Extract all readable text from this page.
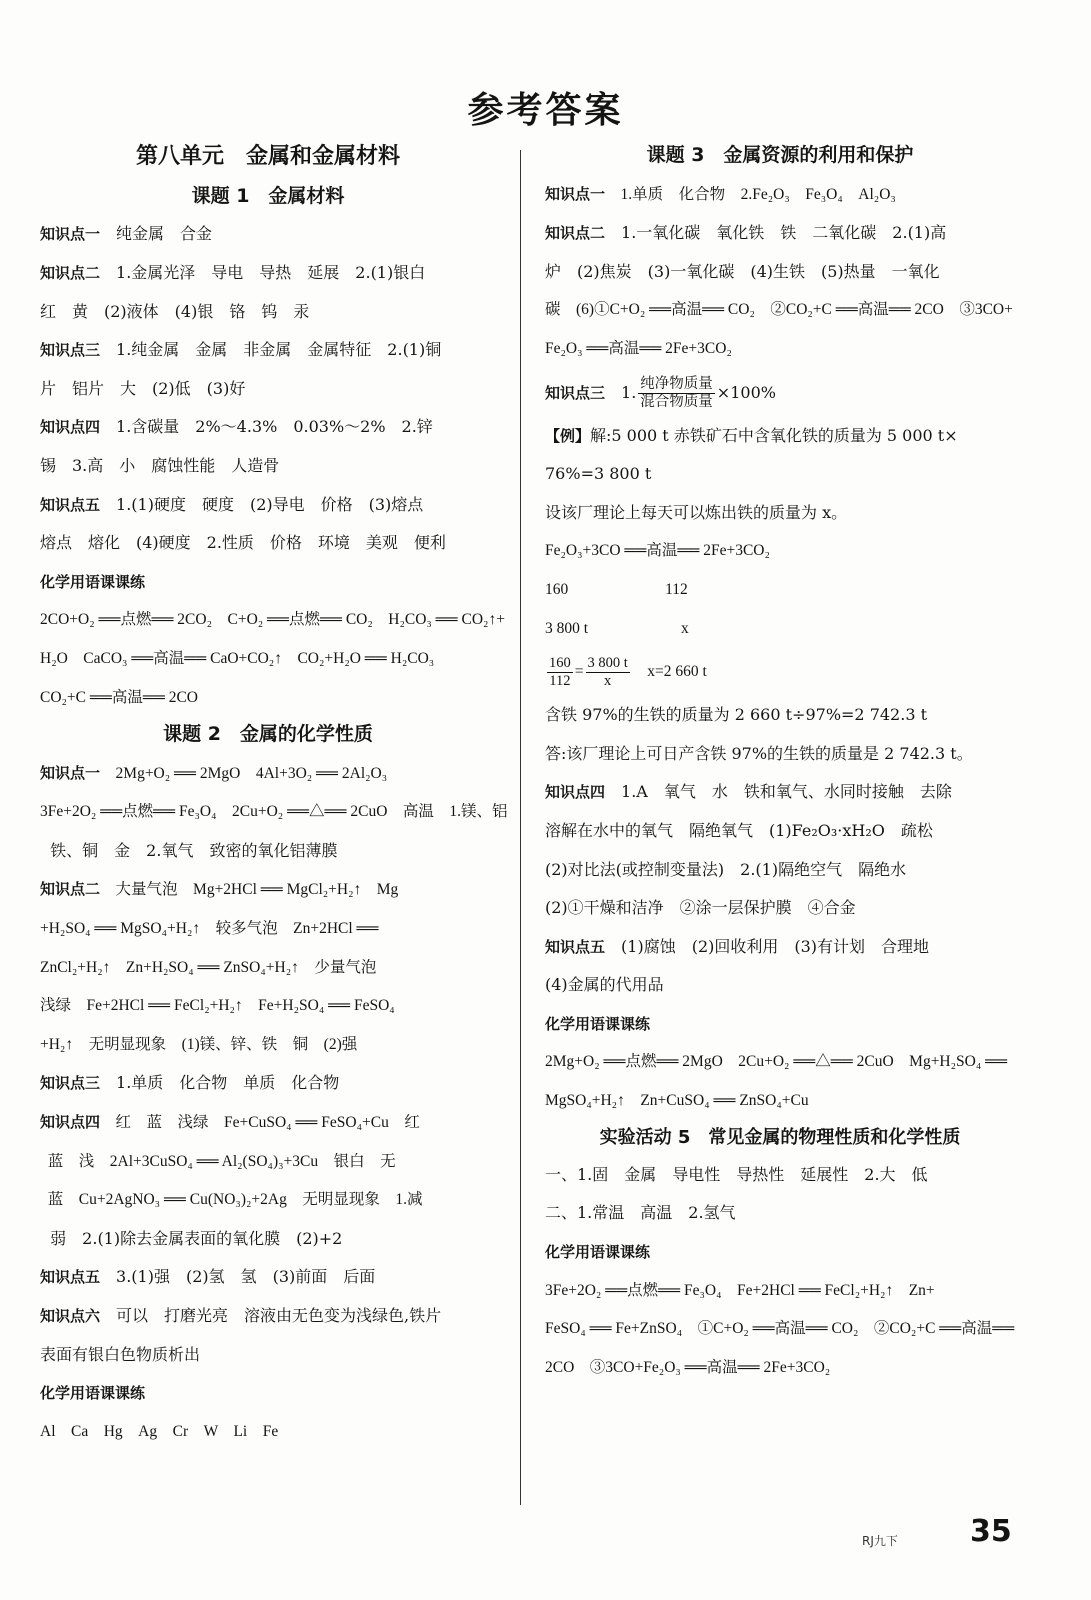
参考答案
第八单元　金属和金属材料
课题 1　金属材料
知识点一　 纯金属　合金
知识点二　 1.金属光泽　导电　导热　延展　2.(1)银白
红　黄　(2)液体　(4)银　铬　钨　汞
知识点三　 1.纯金属　金属　非金属　金属特征　2.(1)铜
片　铝片　大　(2)低　(3)好
知识点四　 1.含碳量　2%～4.3%　0.03%～2%　2.锌
锡　3.高　小　腐蚀性能　人造骨
知识点五　 1.(1)硬度　硬度　(2)导电　价格　(3)熔点
熔点　熔化　(4)硬度　2.性质　价格　环境　美观　便利
化学用语课课练
2CO+O₂ ══点燃══ 2CO₂　C+O₂ ══点燃══ CO₂　H₂CO₃ ══ CO₂↑+
H₂O　CaCO₃ ══高温══ CaO+CO₂↑　CO₂+H₂O ══ H₂CO₃
CO₂+C ══高温══ 2CO
课题 2　金属的化学性质
知识点一　 2Mg+O₂ ══ 2MgO　4Al+3O₂ ══ 2Al₂O₃
3Fe+2O₂ ══点燃══ Fe₃O₄　2Cu+O₂ ══△══ 2CuO　高温　1.镁、铝
铁、铜　金　2.氧气　致密的氧化铝薄膜
知识点二　 大量气泡　Mg+2HCl ══ MgCl₂+H₂↑　Mg
+H₂SO₄ ══ MgSO₄+H₂↑　较多气泡　Zn+2HCl ══
ZnCl₂+H₂↑　Zn+H₂SO₄ ══ ZnSO₄+H₂↑　少量气泡
浅绿　Fe+2HCl ══ FeCl₂+H₂↑　Fe+H₂SO₄ ══ FeSO₄
+H₂↑　无明显现象　(1)镁、锌、铁　铜　(2)强
知识点三　 1.单质　化合物　单质　化合物
知识点四　 红　蓝　浅绿　Fe+CuSO₄ ══ FeSO₄+Cu　红
蓝　浅　2Al+3CuSO₄ ══ Al₂(SO₄)₃+3Cu　银白　无
蓝　Cu+2AgNO₃ ══ Cu(NO₃)₂+2Ag　无明显现象　1.减
弱　2.(1)除去金属表面的氧化膜　(2)+2
知识点五　 3.(1)强　(2)氢　氢　(3)前面　后面
知识点六　 可以　打磨光亮　溶液由无色变为浅绿色,铁片
表面有银白色物质析出
化学用语课课练
Al　Ca　Hg　Ag　Cr　W　Li　Fe
课题 3　金属资源的利用和保护
知识点一　 1.单质　化合物　2.Fe₂O₃　Fe₃O₄　Al₂O₃
知识点二　 1.一氧化碳　氧化铁　铁　二氧化碳　2.(1)高
炉　(2)焦炭　(3)一氧化碳　(4)生铁　(5)热量　一氧化
碳　(6)①C+O₂ ══高温══ CO₂　②CO₂+C ══高温══ 2CO　③3CO+
Fe₂O₃ ══高温══ 2Fe+3CO₂
知识点三　 1. $\frac{\text{纯净物质量}}{\text{混合物质量}} \times 100\%$
【例】解:5 000 t 赤铁矿石中含氧化铁的质量为 5 000 t×
76%=3 800 t
设该厂理论上每天可以炼出铁的质量为 x。
Fe₂O₃+3CO ══高温══ 2Fe+3CO₂
160　　　　　　 112
3 800 t　　　　　　x
$\frac{160}{112} = \frac{3 800 t}{x}$
　 x=2 660 t
含铁 97%的生铁的质量为 2 660 t÷97%=2 742.3 t
答:该厂理论上可日产含铁 97%的生铁的质量是 2 742.3 t。
知识点四　 1.A　氧气　水　铁和氧气、水同时接触　去除
溶解在水中的氧气　隔绝氧气　(1)Fe₂O₃·xH₂O　疏松
(2)对比法(或控制变量法)　2.(1)隔绝空气　隔绝水
(2)①干燥和洁净　②涂一层保护膜　④合金
知识点五　 (1)腐蚀　(2)回收利用　(3)有计划　合理地
(4)金属的代用品
化学用语课课练
2Mg+O₂ ══点燃══ 2MgO　2Cu+O₂ ══△══ 2CuO　Mg+H₂SO₄ ══
MgSO₄+H₂↑　Zn+CuSO₄ ══ ZnSO₄+Cu
实验活动 5　常见金属的物理性质和化学性质
一、1.固　金属　导电性　导热性　延展性　2.大　低
二、1.常温　高温　2.氢气
化学用语课课练
3Fe+2O₂ ══点燃══ Fe₃O₄　Fe+2HCl ══ FeCl₂+H₂↑　Zn+
FeSO₄ ══ Fe+ZnSO₄　①C+O₂ ══高温══ CO₂　②CO₂+C ══高温══
2CO　③3CO+Fe₂O₃ ══高温══ 2Fe+3CO₂
RJ九下 35
